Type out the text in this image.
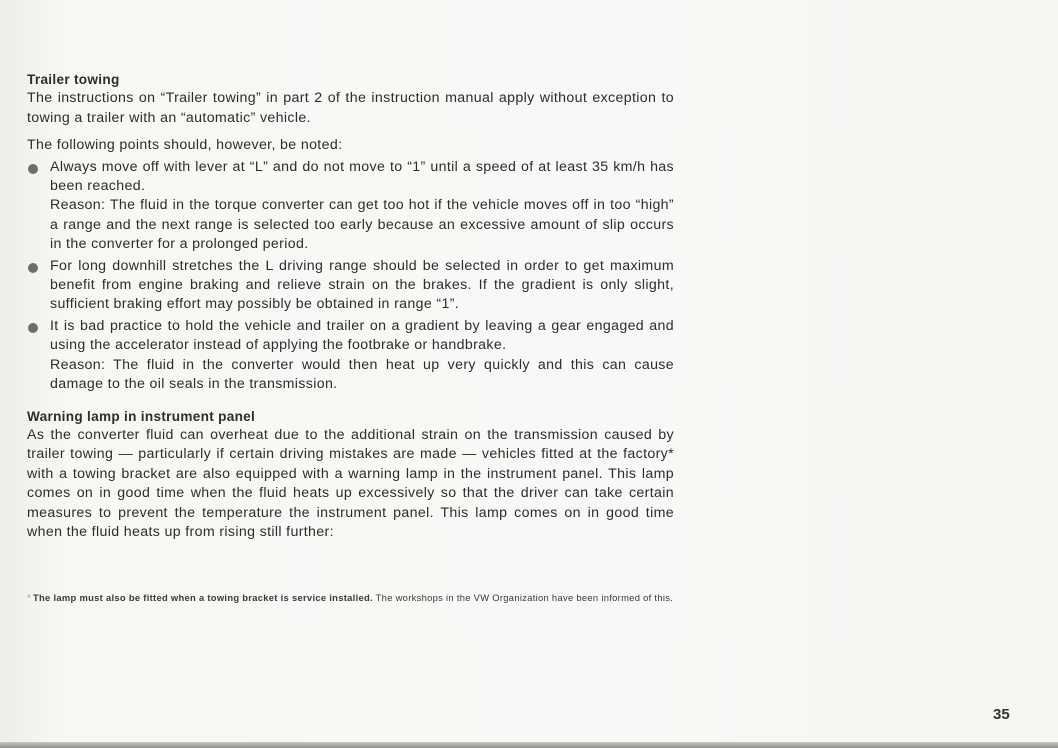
Trailer towing

The instructions on “Trailer towing” in part 2 of the instruction manual apply without exception to towing a trailer with an “automatic” vehicle.

The following points should, however, be noted:

Always move off with lever at “L” and do not move to “1” until a speed of at least 35 km/h has been reached.

Reason: The fluid in the torque converter can get too hot if the vehicle moves off in too “high” a range and the next range is selected too early because an excessive amount of slip occurs in the converter for a prolonged period.

For long downhill stretches the L driving range should be selected in order to get maximum benefit from engine braking and relieve strain on the brakes. If the gradient is only slight, sufficient braking effort may possibly be obtained in range “1”.

It is bad practice to hold the vehicle and trailer on a gradient by leaving a gear engaged and using the accelerator instead of applying the footbrake or handbrake.

Reason: The fluid in the converter would then heat up very quickly and this can cause damage to the oil seals in the transmission.

Warning lamp in instrument panel

As the converter fluid can overheat due to the additional strain on the transmission caused by trailer towing — particularly if certain driving mistakes are made — vehicles fitted at the factory* with a towing bracket are also equipped with a warning lamp in the instrument panel. This lamp comes on in good time when the fluid heats up excessively so that the driver can take certain measures to prevent the temperature the instrument panel. This lamp comes on in good time when the fluid heats up from rising still further:

* The lamp must also be fitted when a towing bracket is service installed. The workshops in the VW Organization have been informed of this.
35
